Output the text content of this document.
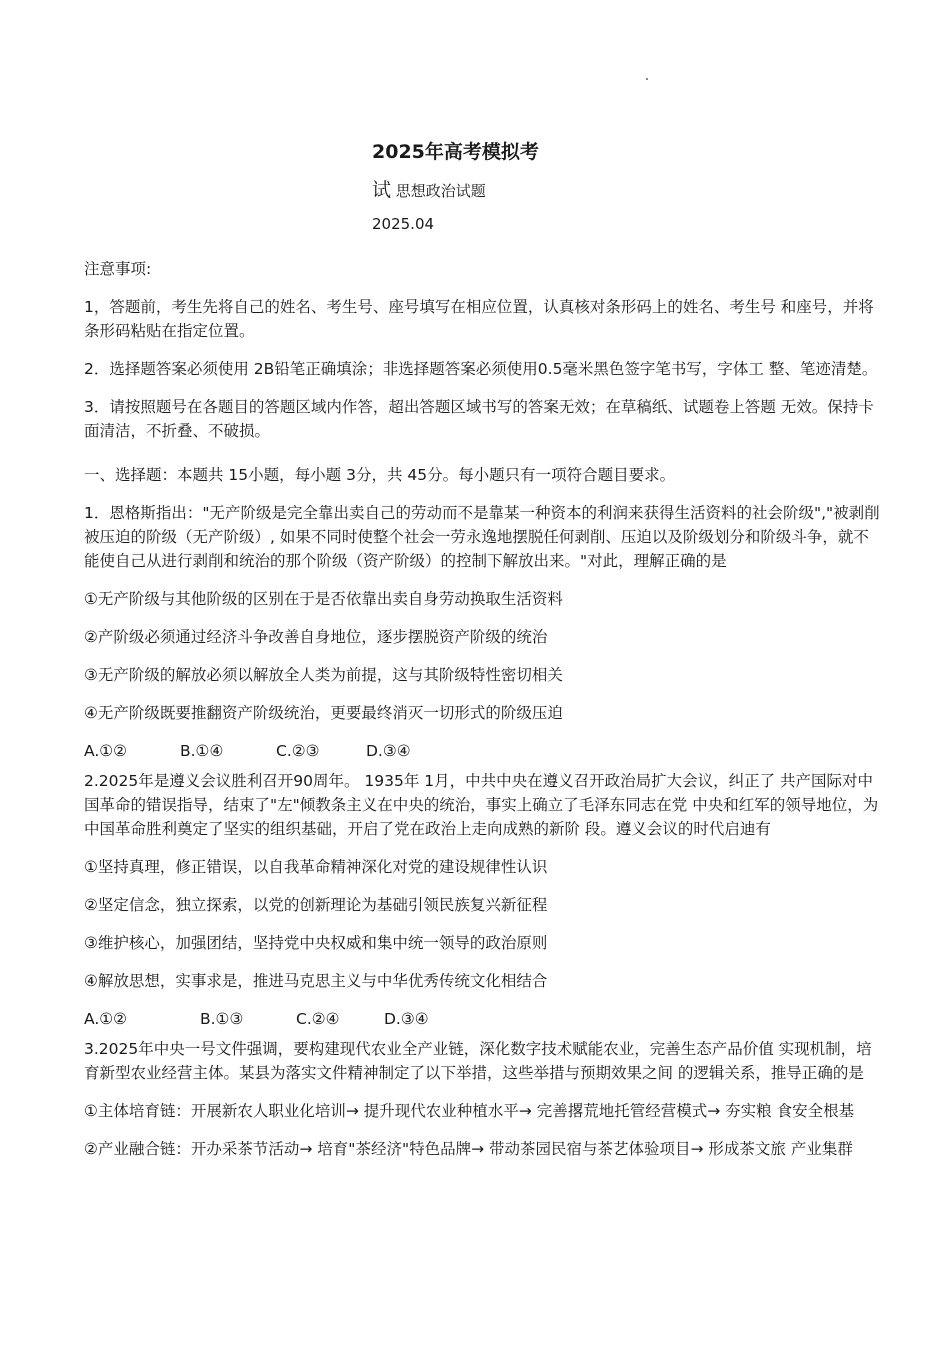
2025年高考模拟考
试 思想政治试题
2025.04

注意事项:

1，答题前，考生先将自己的姓名、考生号、座号填写在相应位置，认真核对条形码上的姓名、考生号 和座号，并将条形码粘贴在指定位置。

2．选择题答案必须使用 2B铅笔正确填涂；非选择题答案必须使用0.5毫米黑色签字笔书写，字体工 整、笔迹清楚。

3．请按照题号在各题目的答题区域内作答，超出答题区域书写的答案无效；在草稿纸、试题卷上答题 无效。保持卡面清洁，不折叠、不破损。

一、选择题：本题共 15小题，每小题 3分，共 45分。每小题只有一项符合题目要求。

1．恩格斯指出："无产阶级是完全靠出卖自己的劳动而不是靠某一种资本的利润来获得生活资料的社会阶级","被剥削被压迫的阶级（无产阶级）, 如果不同时使整个社会一劳永逸地摆脱任何剥削、压迫以及阶级划分和阶级斗争，就不能使自己从进行剥削和统治的那个阶级（资产阶级）的控制下解放出来。"对此，理解正确的是

①无产阶级与其他阶级的区别在于是否依靠出卖自身劳动换取生活资料

②产阶级必须通过经济斗争改善自身地位，逐步摆脱资产阶级的统治

③无产阶级的解放必须以解放全人类为前提，这与其阶级特性密切相关

④无产阶级既要推翻资产阶级统治，更要最终消灭一切形式的阶级压迫

A.①②	B.①④	C.②③	D.③④

2.2025年是遵义会议胜利召开90周年。 1935年 1月，中共中央在遵义召开政治局扩大会议，纠正了 共产国际对中国革命的错误指导，结束了"左"倾教条主义在中央的统治，事实上确立了毛泽东同志在党 中央和红军的领导地位，为中国革命胜利奠定了坚实的组织基础，开启了党在政治上走向成熟的新阶 段。遵义会议的时代启迪有

①坚持真理，修正错误，以自我革命精神深化对党的建设规律性认识

②坚定信念，独立探索，以党的创新理论为基础引领民族复兴新征程

③维护核心，加强团结，坚持党中央权威和集中统一领导的政治原则

④解放思想，实事求是，推进马克思主义与中华优秀传统文化相结合

A.①②	B.①③	C.②④	D.③④

3.2025年中央一号文件强调，要构建现代农业全产业链，深化数字技术赋能农业，完善生态产品价值 实现机制，培育新型农业经营主体。某县为落实文件精神制定了以下举措，这些举措与预期效果之间 的逻辑关系，推导正确的是

①主体培育链：开展新农人职业化培训→ 提升现代农业种植水平→ 完善撂荒地托管经营模式→ 夯实粮 食安全根基

②产业融合链：开办采茶节活动→ 培育"茶经济"特色品牌→ 带动茶园民宿与茶艺体验项目→ 形成茶文旅 产业集群
